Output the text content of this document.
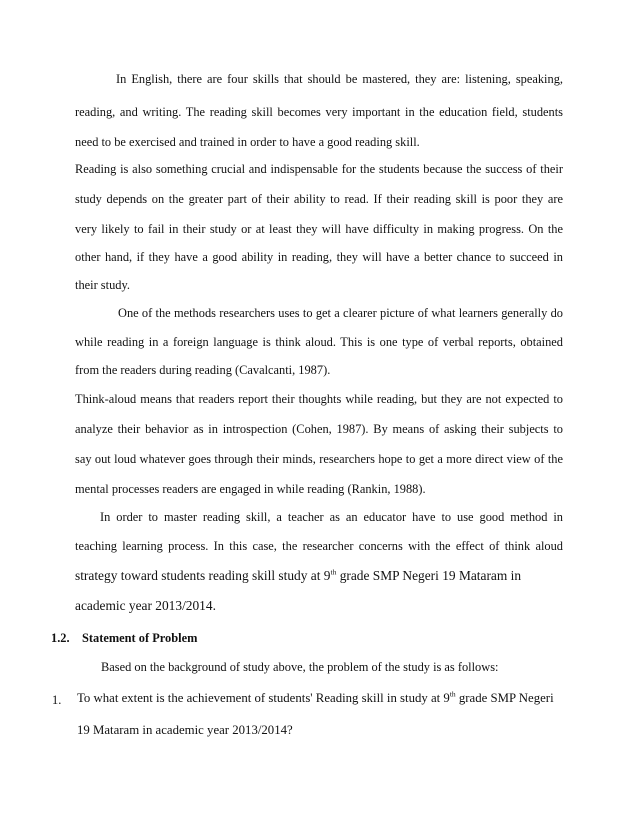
In English, there are four skills that should be mastered, they are: listening, speaking,
reading, and writing. The reading skill becomes very important in the education field, students
need to be exercised and trained in order to have a good reading skill.
Reading is also something crucial and indispensable for the students because the success of their
study depends on the greater part of their ability to read. If their reading skill is poor they are
very likely to fail in their study or at least they will have difficulty in making progress. On the
other hand, if they have a good ability in reading, they will have a better chance to succeed in
their study.
One of the methods researchers uses to get a clearer picture of what learners generally do
while reading in a foreign language is think aloud. This is one type of verbal reports, obtained
from the readers during reading (Cavalcanti, 1987).
Think-aloud means that readers report their thoughts while reading, but they are not expected to
analyze their behavior as in introspection (Cohen, 1987). By means of asking their subjects to
say out loud whatever goes through their minds, researchers hope to get a more direct view of the
mental processes readers are engaged in while reading (Rankin, 1988).
In order to master reading skill, a teacher as an educator have to use good method in
teaching learning process. In this case, the researcher concerns with the effect of think aloud
strategy toward students reading skill study at 9th grade SMP Negeri 19 Mataram in
academic year 2013/2014.
1.2. Statement of Problem
Based on the background of study above, the problem of the study is as follows:
1. To what extent is the achievement of students' Reading skill in study at 9th grade SMP Negeri
19 Mataram in academic year 2013/2014?
